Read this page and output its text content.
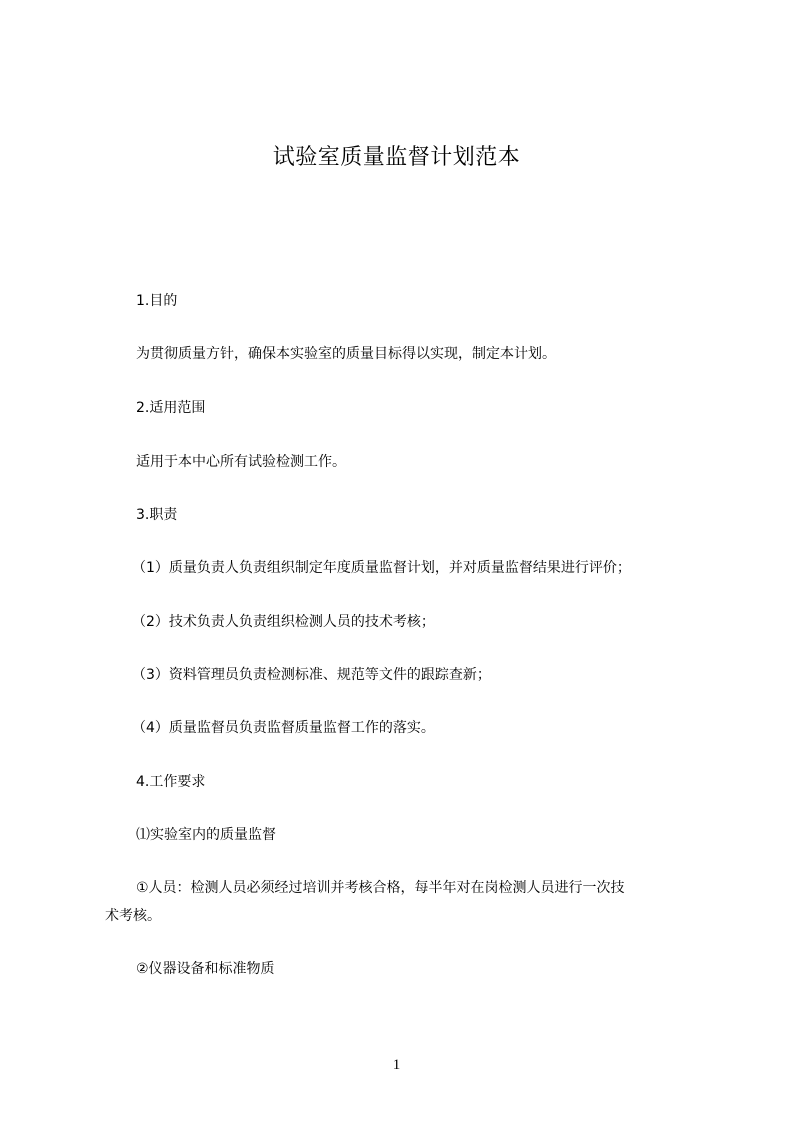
试验室质量监督计划范本

1.目的

为贯彻质量方针，确保本实验室的质量目标得以实现，制定本计划。

2.适用范围

适用于本中心所有试验检测工作。

3.职责

（1）质量负责人负责组织制定年度质量监督计划，并对质量监督结果进行评价；

（2）技术负责人负责组织检测人员的技术考核；

（3）资料管理员负责检测标准、规范等文件的跟踪查新；

（4）质量监督员负责监督质量监督工作的落实。

4.工作要求

⑴实验室内的质量监督

①人员：检测人员必须经过培训并考核合格，每半年对在岗检测人员进行一次技

术考核。

②仪器设备和标准物质

1
